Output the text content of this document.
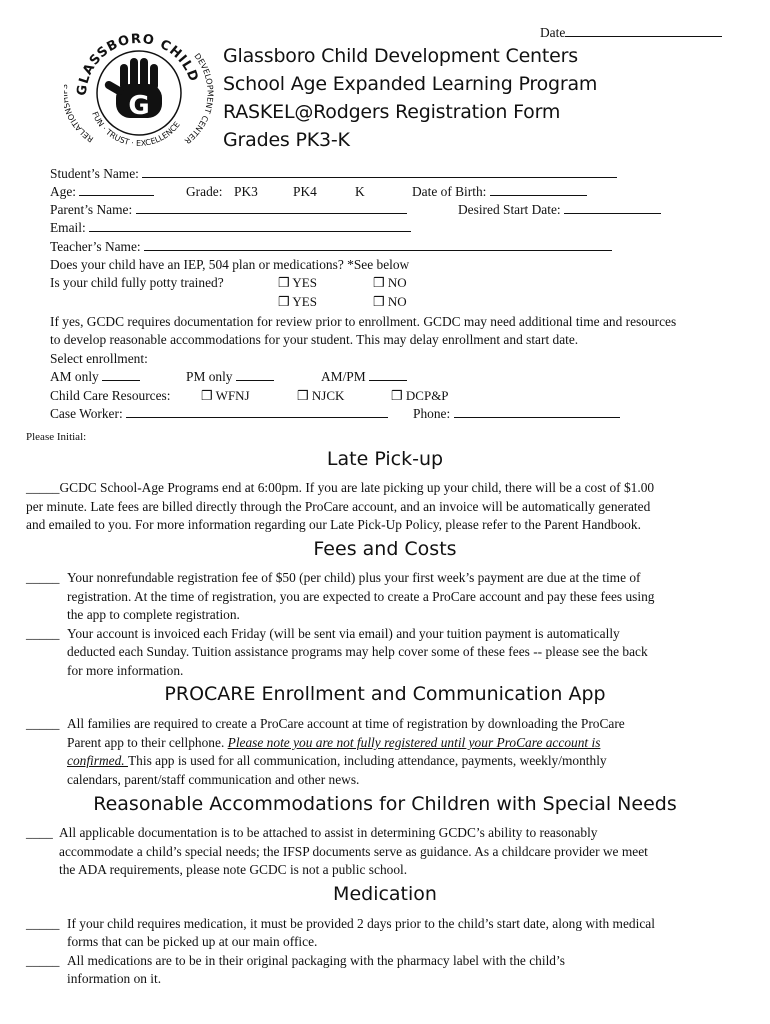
Date
GLASSBORO CHILD
DEVELOPMENT CENTER
RELATION	FUN · TRUST · EXCELLENCE
G
Glassboro Child Development Centers
School Age Expanded Learning Program
RASKEL@Rodgers Registration Form
Grades PK3-K
Student’s Name:
Age:	Grade: PK3	PK4	K	Date of Birth:
Parent’s Name:	Desired Start Date:
Email:
Teacher’s Name:
Does your child have an IEP, 504 plan or medications? *See below
Is your child fully potty trained?	❒ YES	❒ NO
❒ YES	❒ NO
If yes, GCDC requires documentation for review prior to enrollment. GCDC may need additional time and resources
to develop reasonable accommodations for your student. This may delay enrollment and start date.
Select enrollment:
AM only	PM only	AM/PM
Child Care Resources: ❒ WFNJ	❒ NJCK	❒ DCP&P
Case Worker:	Phone:
Please Initial:
Late Pick-up
_____GCDC School-Age Programs end at 6:00pm. If you are late picking up your child, there will be a cost of $1.00
per minute. Late fees are billed directly through the ProCare account, and an invoice will be automatically generated
and emailed to you. For more information regarding our Late Pick-Up Policy, please refer to the Parent Handbook.
Fees and Costs
_____ Your nonrefundable registration fee of $50 (per child) plus your first week’s payment are due at the time of
registration. At the time of registration, you are expected to create a ProCare account and pay these fees using
the app to complete registration.
_____ Your account is invoiced each Friday (will be sent via email) and your tuition payment is automatically
deducted each Sunday. Tuition assistance programs may help cover some of these fees -- please see the back
for more information.
PROCARE Enrollment and Communication App
_____ All families are required to create a ProCare account at time of registration by downloading the ProCare
Parent app to their cellphone. Please note you are not fully registered until your ProCare account is
confirmed. This app is used for all communication, including attendance, payments, weekly/monthly
calendars, parent/staff communication and other news.
Reasonable Accommodations for Children with Special Needs
____ All applicable documentation is to be attached to assist in determining GCDC’s ability to reasonably
accommodate a child’s special needs; the IFSP documents serve as guidance. As a childcare provider we meet
the ADA requirements, please note GCDC is not a public school.
Medication
_____ If your child requires medication, it must be provided 2 days prior to the child’s start date, along with medical
forms that can be picked up at our main office.
_____ All medications are to be in their original packaging with the pharmacy label with the child’s
information on it.
